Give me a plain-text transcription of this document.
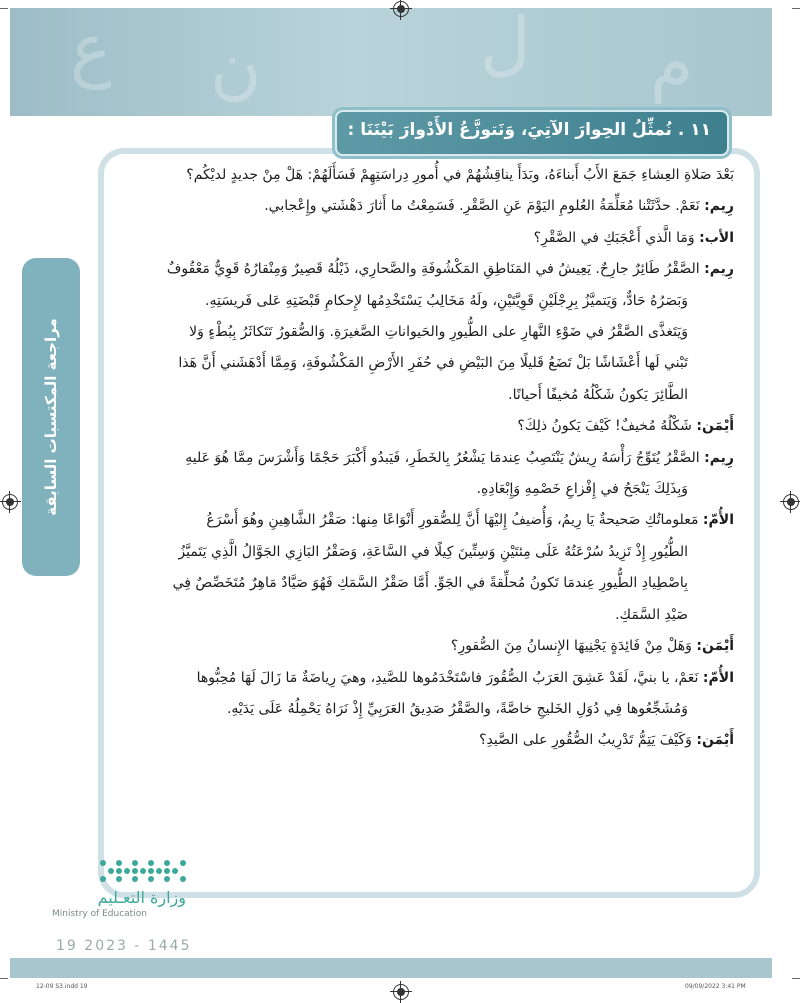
ع ن	ل م
مراجعة المكتسبات السابقة
١١ . نُمثِّلُ الحِوارَ الآتِيَ، وَنَتوزَّعُ الأَدْوارَ بَيْنَنَا :

بَعْدَ صَلاةِ العِشاءِ جَمَعَ الأَبُ أَبناءَهُ، وبَدَأَ يناقِشُهُمْ في أُمورِ دِراسَتِهِمْ فَسَأَلَهُمْ: هَلْ مِنْ جديدٍ لديْكُم؟

رِيم: نَعَمْ. حدَّثَتْنا مُعَلِّمَةُ العُلومِ اليَوْمَ عَنِ الصَّقْرِ. فَسَمِعْتُ ما أَثارَ دَهْشَتي وإِعْجابي.

الأب: وَمَا الَّذي أَعْجَبَكِ في الصَّقْرِ؟

رِيم: الصَّقْرُ طَائِرٌ جارِحٌ. يَعِيشُ في المَنَاطِقِ المَكْشُوفَةِ والصَّحارِي، ذَيْلُهُ قَصِيرٌ وَمِنْقارُهُ قَوِيٌّ مَعْقُوفٌ

وَبَصَرُهُ حَادٌّ، وَيَتميَّزُ بِرِجْلَيْنِ قَوِيَّتَيْنِ، ولَهُ مَخَالِبُ يَسْتَخْدِمُها لإِحكامِ قَبْضَتِهِ عَلى فَريسَتِهِ.

وَيَتَغذَّى الصَّقْرُ في ضَوْءِ النَّهارِ على الطُّيورِ والحَيواناتِ الصَّغيرَةِ. وَالصُّقورُ تَتَكاثَرُ بِبُطْءٍ وَلا

تَبْني لَها أَعْشَاشًا بَلْ تَضَعُ قَليلًا مِنَ البَيْضِ في حُفَرِ الأَرْضِ المَكْشُوفَةِ، وَمِمَّا أَدْهَشَني أَنَّ هَذا

الطَّائِرَ يَكونُ شَكْلُهُ مُخيفًا أَحيانًا.

أَيْمَن: شَكْلُهُ مُخيفٌ! كَيْفَ يَكونُ ذلِكَ؟

رِيم: الصَّقْرُ يُتَوِّجُ رَأْسَهُ رِيشٌ يَنْتَصِبُ عِندمَا يَشْعُرُ بِالخَطَرِ، فَيَبدُو أَكْبَرَ حَجْمًا وَأَشْرَسَ مِمَّا هُوَ عَليهِ

وَبِذَلِكَ يَنْجَحُ في إِفْزاعِ خَصْمِهِ وَإِبْعَادِهِ.

الأُمّ: مَعلوماتُكِ صَحيحةٌ يَا رِيمُ، وَأُضيفُ إِليْهَا أَنَّ لِلصُّقورِ أَنْوَاعًا مِنها: صَقْرُ الشَّاهِينِ وهُوَ أَسْرَعُ

الطُّيُورِ إِذْ تَزِيدُ سُرْعَتُهُ عَلَى مِئتَيْنِ وَسِتِّينَ كِيلًا في السَّاعَةِ، وَصَقْرُ البَازِي الجَوَّالُ الَّذِي يَتَميَّزُ

بِاصْطِيادِ الطُّيورِ عِندمَا تَكونُ مُحلِّقةً في الجَوِّ. أَمَّا صَقْرُ السَّمَكِ فَهُوَ صَيَّادٌ مَاهِرٌ مُتَخَصِّصٌ فِي

صَيْدِ السَّمَكِ.

أَيْمَن: وَهَلْ مِنْ فَائِدَةٍ يَجْنِيهَا الإِنسانُ مِنَ الصُّقورِ؟

الأُمّ: نَعَمْ، يا بنيَّ، لَقَدْ عَشِقَ العَرَبُ الصُّقُورَ فاسْتَخْدَمُوها للصَّيدِ، وهيَ رِياضَةٌ مَا زَالَ لَهَا مُحِبُّوها

وَمُشَجِّعُوها فِي دُوَلِ الخَليجِ خاصَّةً، والصَّقْرُ صَدِيقُ العَرَبِيِّ إِذْ نَرَاهُ يَحْمِلُهُ عَلَى يَدَيْهِ.

أَيْمَن: وَكَيْفَ يَتِمُّ تَدْرِيبُ الصُّقُورِ على الصَّيدِ؟

وزارة التعـليم
Ministry of Education
19 2023 - 1445
12-09 S3.indd 19	09/09/2022 3:41 PM
